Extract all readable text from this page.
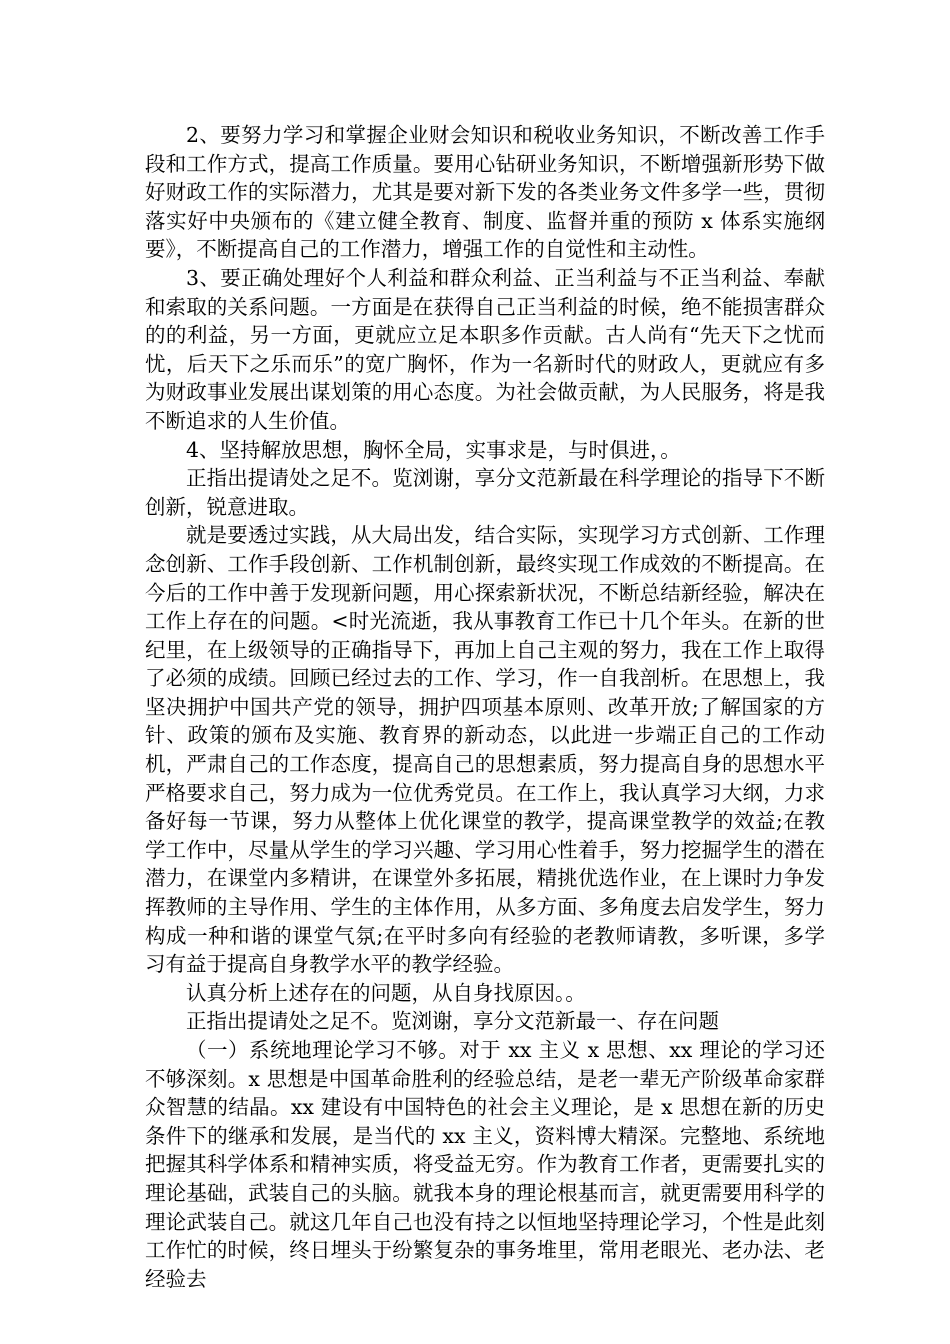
2、要努力学习和掌握企业财会知识和税收业务知识，不断改善工作手段和工作方式，提高工作质量。要用心钻研业务知识，不断增强新形势下做好财政工作的实际潜力，尤其是要对新下发的各类业务文件多学一些，贯彻落实好中央颁布的《建立健全教育、制度、监督并重的预防 x 体系实施纲要》，不断提高自己的工作潜力，增强工作的自觉性和主动性。

3、要正确处理好个人利益和群众利益、正当利益与不正当利益、奉献和索取的关系问题。一方面是在获得自己正当利益的时候，绝不能损害群众的的利益，另一方面，更就应立足本职多作贡献。古人尚有“先天下之忧而忧，后天下之乐而乐”的宽广胸怀，作为一名新时代的财政人，更就应有多为财政事业发展出谋划策的用心态度。为社会做贡献，为人民服务，将是我不断追求的人生价值。

4、坚持解放思想，胸怀全局，实事求是，与时俱进，。

正指出提请处之足不。览浏谢，享分文范新最在科学理论的指导下不断创新，锐意进取。

就是要透过实践，从大局出发，结合实际，实现学习方式创新、工作理念创新、工作手段创新、工作机制创新，最终实现工作成效的不断提高。在今后的工作中善于发现新问题，用心探索新状况，不断总结新经验，解决在工作上存在的问题。<时光流逝，我从事教育工作已十几个年头。在新的世纪里，在上级领导的正确指导下，再加上自己主观的努力，我在工作上取得了必须的成绩。回顾已经过去的工作、学习，作一自我剖析。在思想上，我坚决拥护中国共产党的领导，拥护四项基本原则、改革开放;了解国家的方针、政策的颁布及实施、教育界的新动态，以此进一步端正自己的工作动机，严肃自己的工作态度，提高自己的思想素质，努力提高自身的思想水平严格要求自己，努力成为一位优秀党员。在工作上，我认真学习大纲，力求备好每一节课，努力从整体上优化课堂的教学，提高课堂教学的效益;在教学工作中，尽量从学生的学习兴趣、学习用心性着手，努力挖掘学生的潜在潜力，在课堂内多精讲，在课堂外多拓展，精挑优选作业，在上课时力争发挥教师的主导作用、学生的主体作用，从多方面、多角度去启发学生，努力构成一种和谐的课堂气氛;在平时多向有经验的老教师请教，多听课，多学习有益于提高自身教学水平的教学经验。

认真分析上述存在的问题，从自身找原因。。

正指出提请处之足不。览浏谢，享分文范新最一、存在问题

（一）系统地理论学习不够。对于 xx 主义 x 思想、xx 理论的学习还不够深刻。x 思想是中国革命胜利的经验总结，是老一辈无产阶级革命家群众智慧的结晶。xx 建设有中国特色的社会主义理论，是 x 思想在新的历史条件下的继承和发展，是当代的 xx 主义，资料博大精深。完整地、系统地把握其科学体系和精神实质，将受益无穷。作为教育工作者，更需要扎实的理论基础，武装自己的头脑。就我本身的理论根基而言，就更需要用科学的理论武装自己。就这几年自己也没有持之以恒地坚持理论学习，个性是此刻工作忙的时候，终日埋头于纷繁复杂的事务堆里，常用老眼光、老办法、老经验去
